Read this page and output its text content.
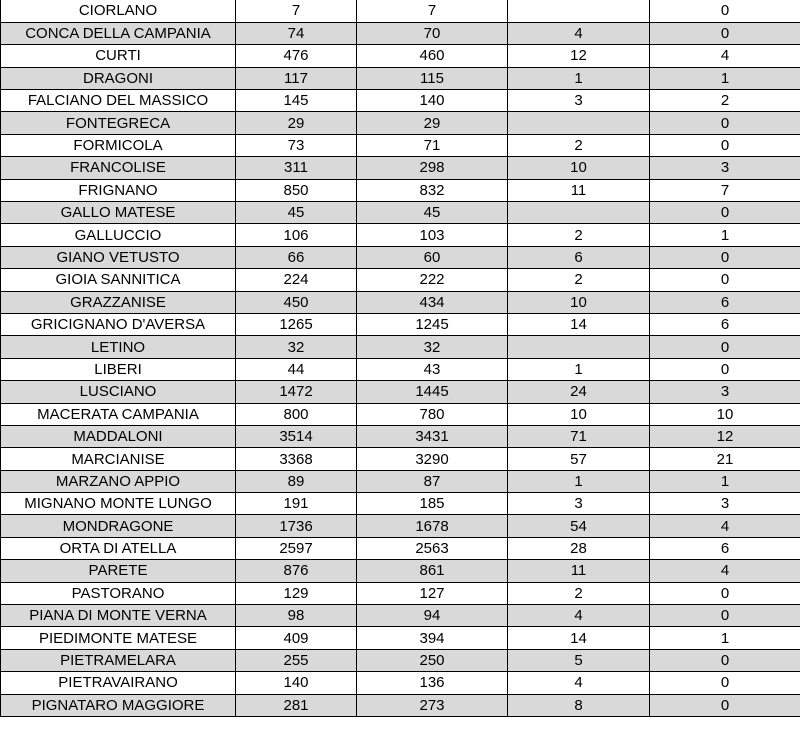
CIORLANO	7	7		0
CONCA DELLA CAMPANIA	74	70	4	0
CURTI	476	460	12	4
DRAGONI	117	115	1	1
FALCIANO DEL MASSICO	145	140	3	2
FONTEGRECA	29	29		0
FORMICOLA	73	71	2	0
FRANCOLISE	311	298	10	3
FRIGNANO	850	832	11	7
GALLO MATESE	45	45		0
GALLUCCIO	106	103	2	1
GIANO VETUSTO	66	60	6	0
GIOIA SANNITICA	224	222	2	0
GRAZZANISE	450	434	10	6
GRICIGNANO D'AVERSA	1265	1245	14	6
LETINO	32	32		0
LIBERI	44	43	1	0
LUSCIANO	1472	1445	24	3
MACERATA CAMPANIA	800	780	10	10
MADDALONI	3514	3431	71	12
MARCIANISE	3368	3290	57	21
MARZANO APPIO	89	87	1	1
MIGNANO MONTE LUNGO	191	185	3	3
MONDRAGONE	1736	1678	54	4
ORTA DI ATELLA	2597	2563	28	6
PARETE	876	861	11	4
PASTORANO	129	127	2	0
PIANA DI MONTE VERNA	98	94	4	0
PIEDIMONTE MATESE	409	394	14	1
PIETRAMELARA	255	250	5	0
PIETRAVAIRANO	140	136	4	0
PIGNATARO MAGGIORE	281	273	8	0
